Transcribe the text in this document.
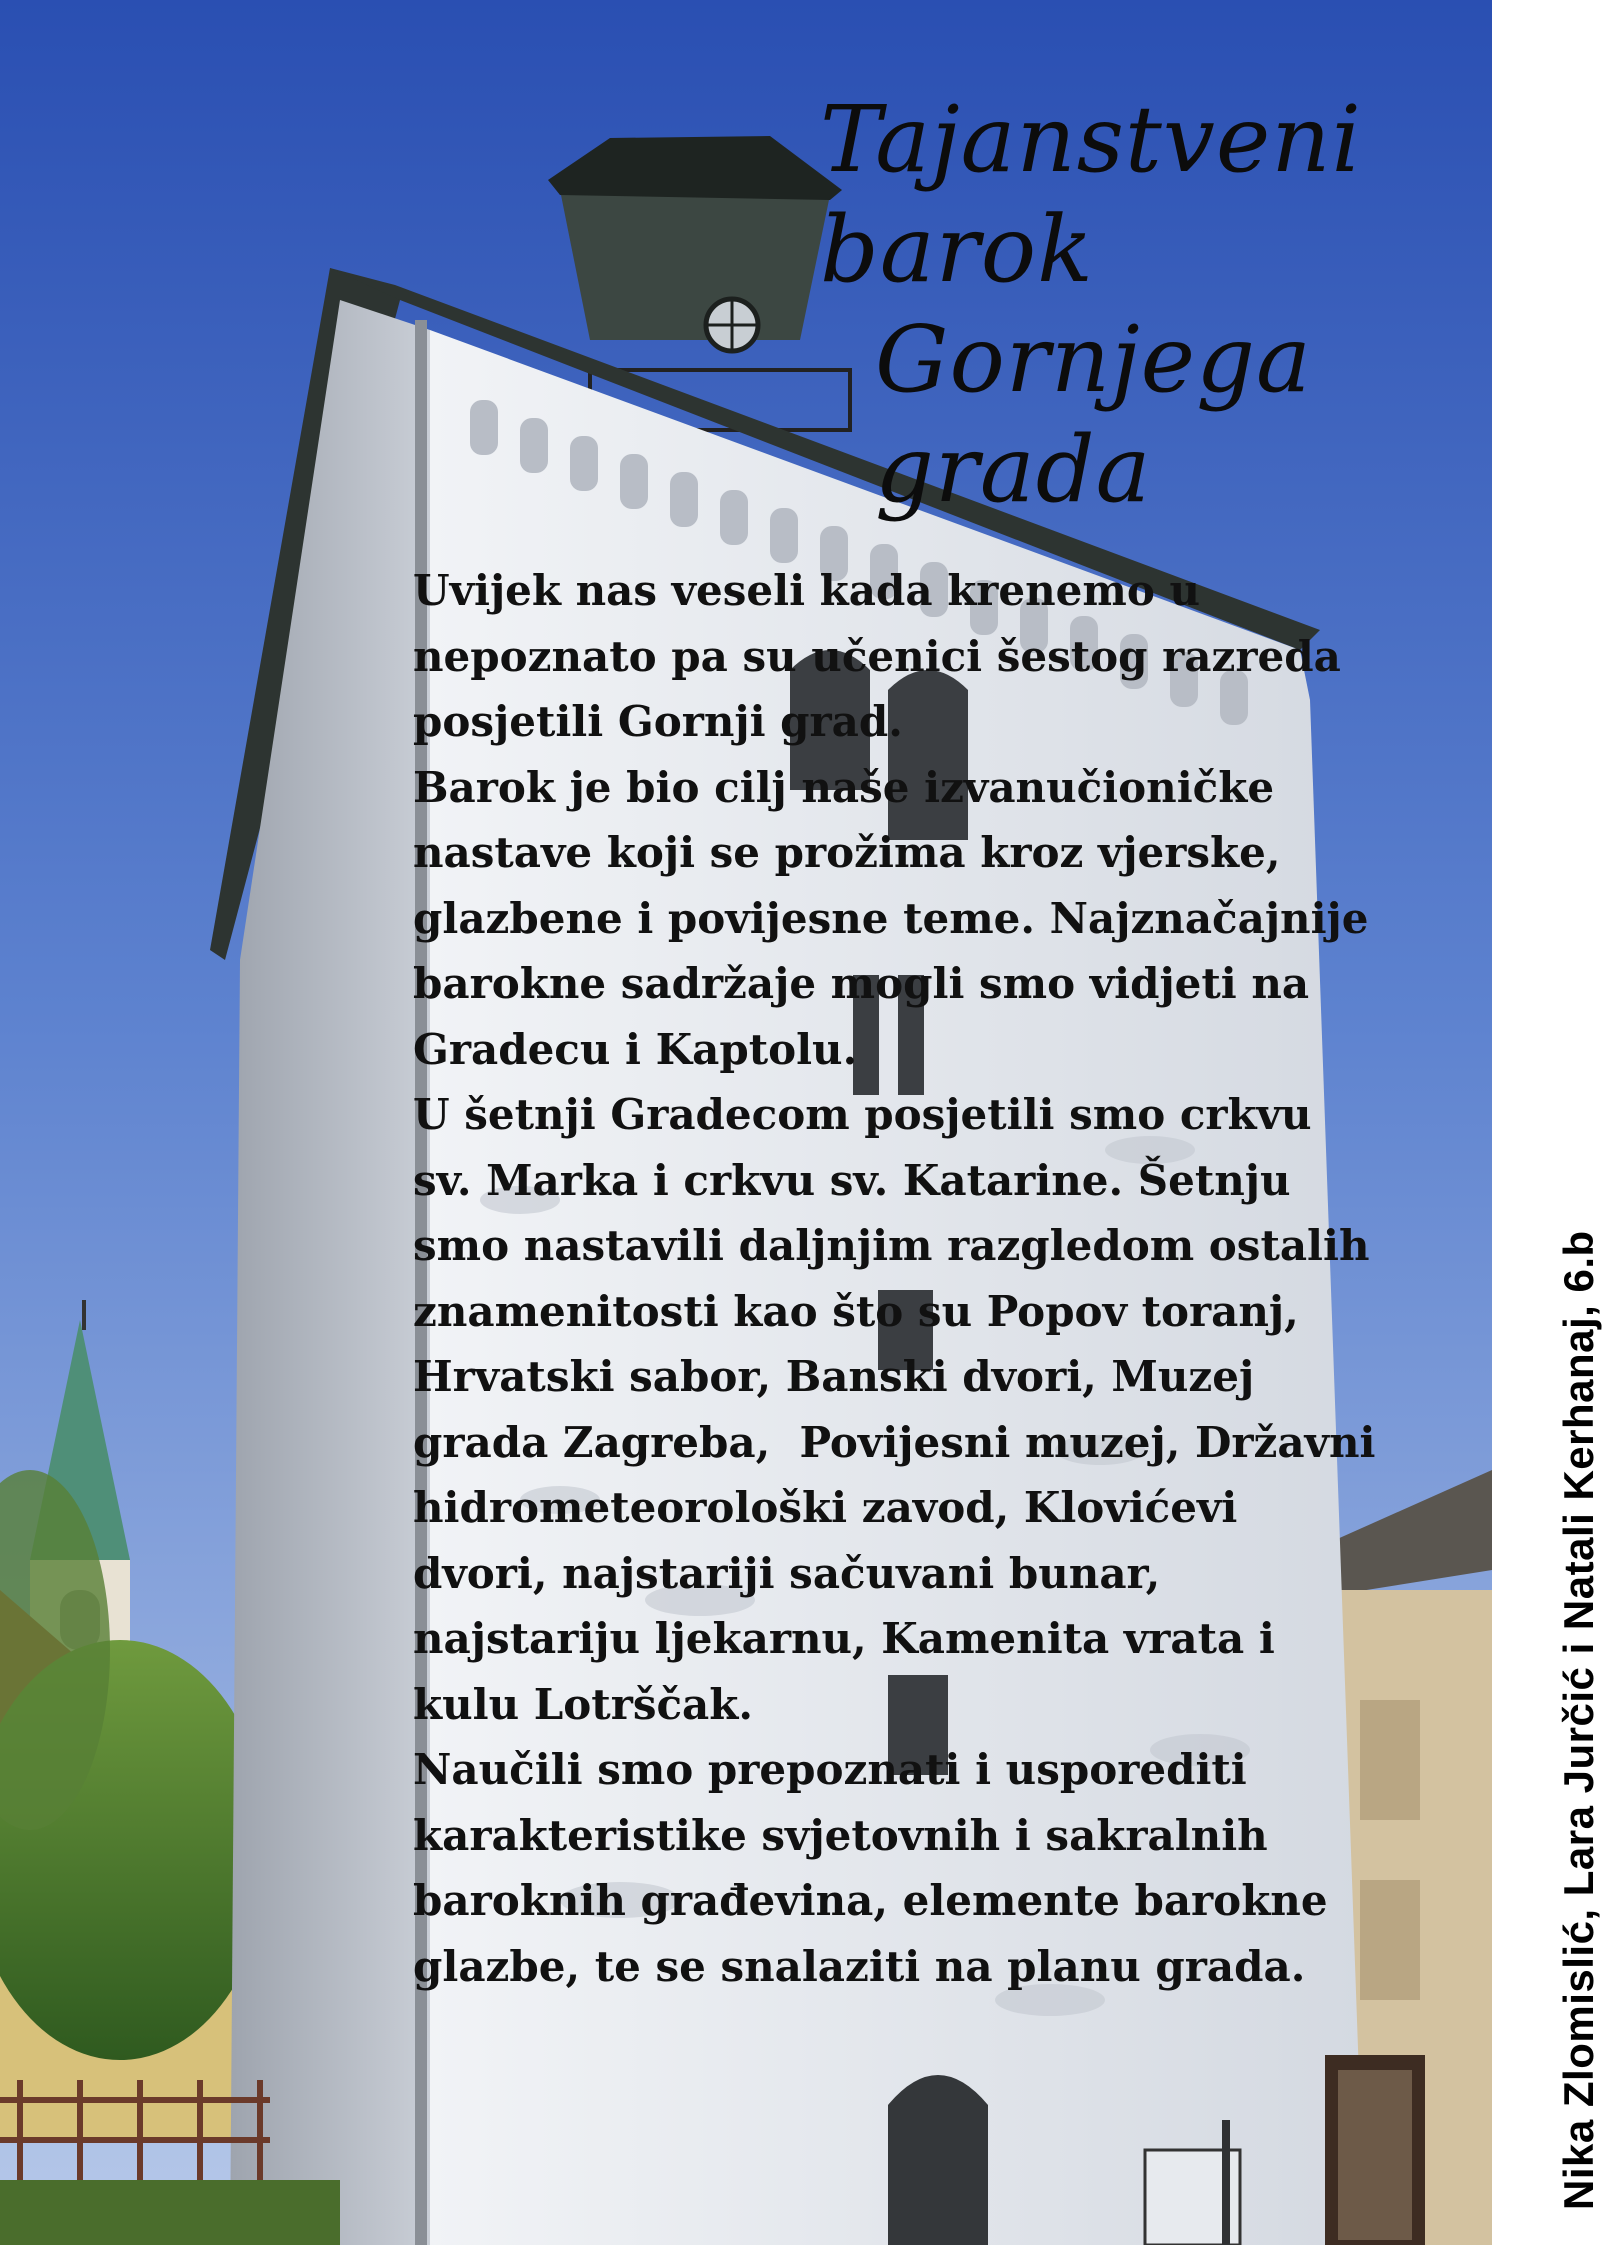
Tajanstveni barok
Gornjega grada

Uvijek nas veseli kada krenemo u

nepoznato pa su učenici šestog razreda

posjetili Gornji grad.

Barok je bio cilj naše izvanučioničke

nastave koji se prožima kroz vjerske,

glazbene i povijesne teme. Najznačajnije

barokne sadržaje mogli smo vidjeti na

Gradecu i Kaptolu.

U šetnji Gradecom posjetili smo crkvu

sv. Marka i crkvu sv. Katarine. Šetnju

smo nastavili daljnjim razgledom ostalih

znamenitosti kao što su Popov toranj,

Hrvatski sabor, Banski dvori, Muzej

grada Zagreba,  Povijesni muzej, Državni

hidrometeorološki zavod, Klovićevi

dvori, najstariji sačuvani bunar,

najstariju ljekarnu, Kamenita vrata i

kulu Lotrščak.

Naučili smo prepoznati i usporediti

karakteristike svjetovnih i sakralnih

baroknih građevina, elemente barokne

glazbe, te se snalaziti na planu grada.	Nika Zlomislić, Lara Jurčić i Natali Kerhanaj, 6.b
